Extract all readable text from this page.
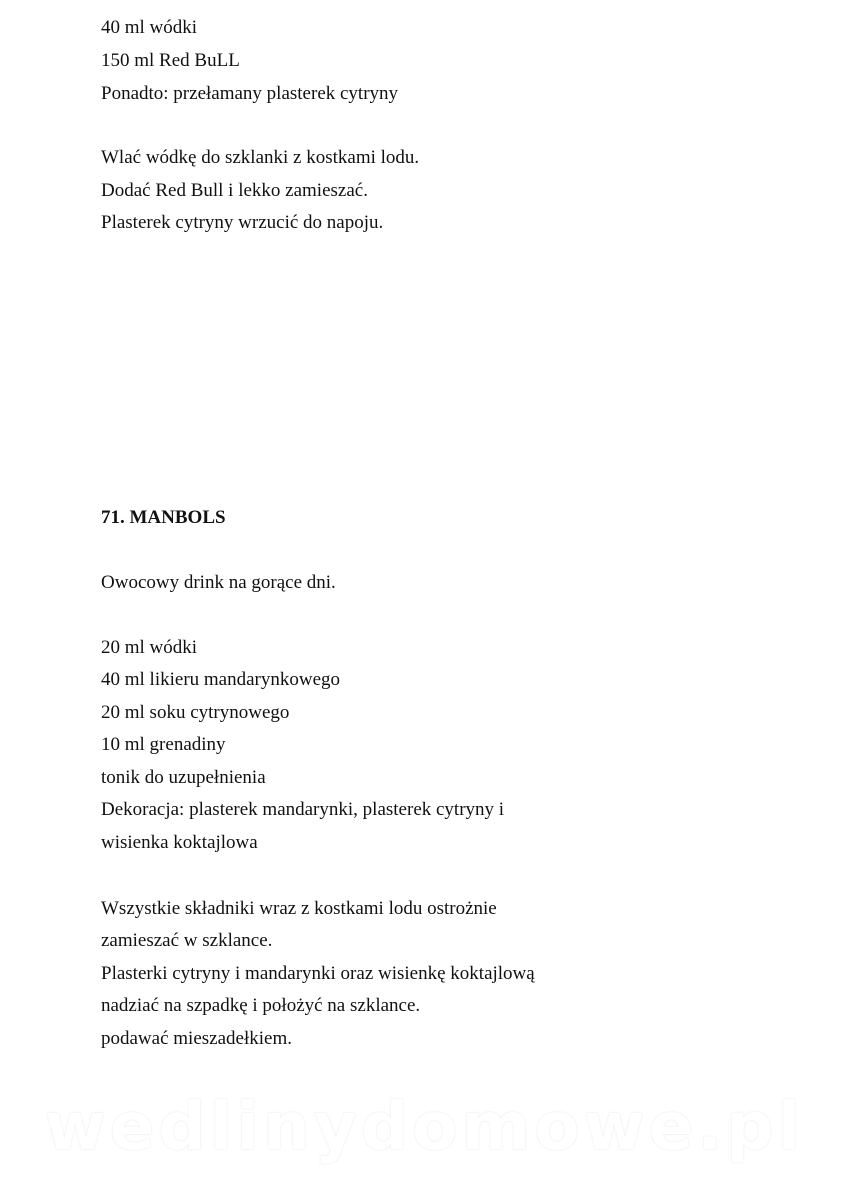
40 ml wódki
150 ml Red BuLL
Ponadto: przełamany plasterek cytryny
Wlać wódkę do szklanki z kostkami lodu.
Dodać Red Bull i lekko zamieszać.
Plasterek cytryny wrzucić do napoju.
71. MANBOLS
Owocowy drink na gorące dni.
20 ml wódki
40 ml likieru mandarynkowego
20 ml soku cytrynowego
10 ml grenadiny
tonik do uzupełnienia
Dekoracja: plasterek mandarynki, plasterek cytryny i
wisienka koktajlowa
Wszystkie składniki wraz z kostkami lodu ostrożnie
zamieszać w szklance.
Plasterki cytryny i mandarynki oraz wisienkę koktajlową
nadziać na szpadkę i położyć na szklance.
podawać mieszadełkiem.
wedlinydomowe.pl
